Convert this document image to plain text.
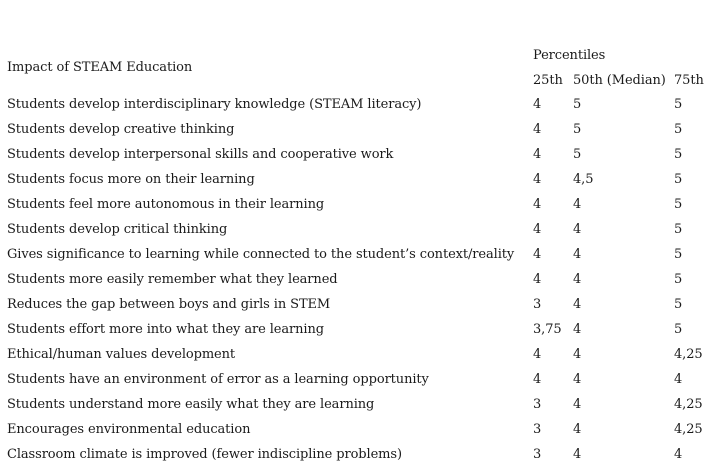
Impact of STEAM Education
Percentiles
25th 50th (Median) 75th
Students develop interdisciplinary knowledge (STEAM literacy)	4 5	5
Students develop creative thinking	4 5	5
Students develop interpersonal skills and cooperative work	4 5	5
Students focus more on their learning	4 4,5	5
Students feel more autonomous in their learning	4 4	5
Students develop critical thinking	4 4	5
Gives significance to learning while connected to the student’s context/reality 4 4	5
Students more easily remember what they learned	4 4	5
Reduces the gap between boys and girls in STEM	3 4	5
Students effort more into what they are learning	3,75 4	5
Ethical/human values development	4 4	4,25
Students have an environment of error as a learning opportunity	4 4	4
Students understand more easily what they are learning	3 4	4,25
Encourages environmental education	3 4	4,25
Classroom climate is improved (fewer indiscipline problems)	3 4	4
